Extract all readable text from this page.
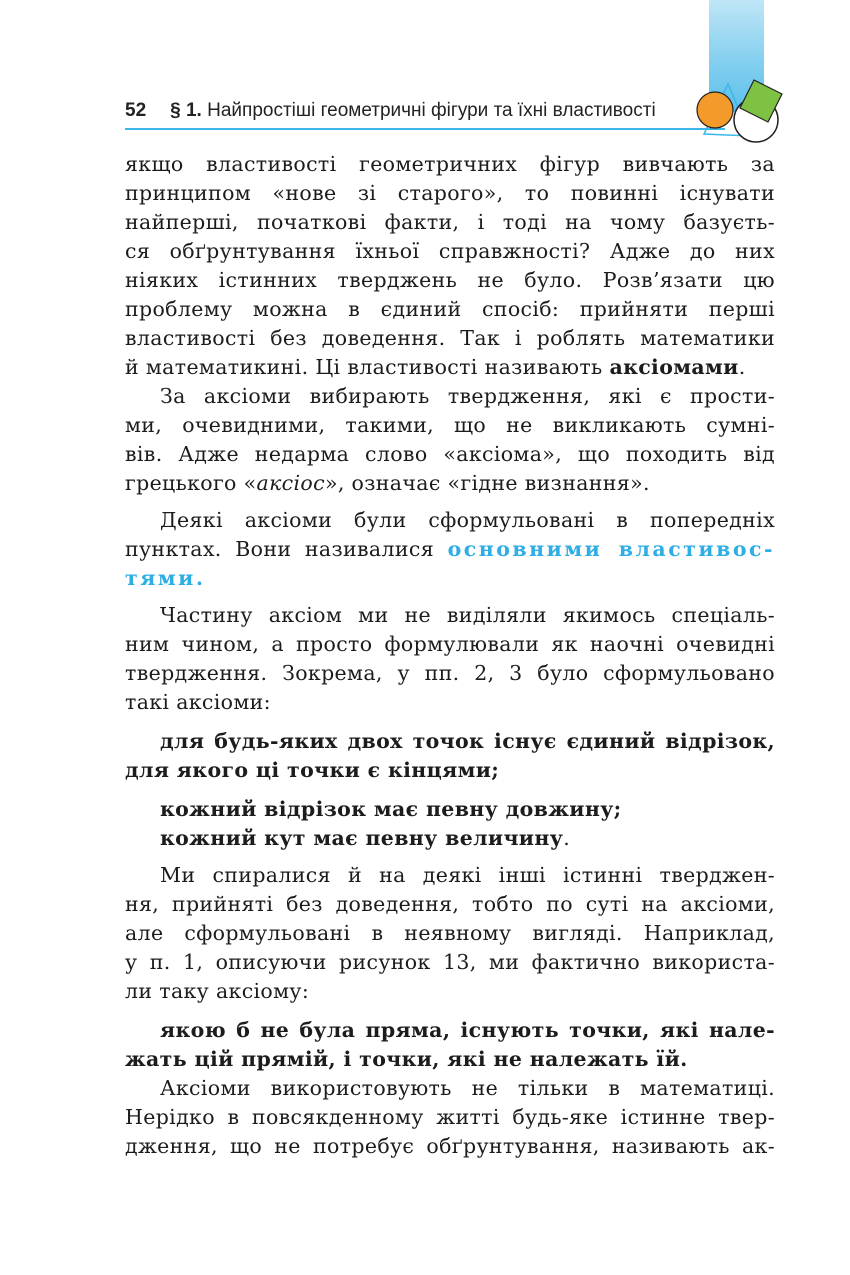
52 § 1. Найпростіші геометричні фігури та їхні властивості

якщо властивості геометричних фігур вивчають за
принципом «нове зі старого», то повинні існувати
найперші, початкові факти, і тоді на чому базуєть-
ся обґрунтування їхньої справжності? Адже до них
ніяких істинних тверджень не було. Розв’язати цю
проблему можна в єдиний спосіб: прийняти перші
властивості без доведення. Так і роблять математики
й математикині. Ці властивості називають аксіомами.

За аксіоми вибирають твердження, які є прости-
ми, очевидними, такими, що не викликають сумні-
вів. Адже недарма слово «аксіома», що походить від
грецького «аксіос», означає «гідне визнання».

Деякі аксіоми були сформульовані в попередніх
пунктах. Вони називалися основними властивос-
тями.

Частину аксіом ми не виділяли якимось спеціаль-
ним чином, а просто формулювали як наочні очевидні
твердження. Зокрема, у пп. 2, 3 було сформульовано
такі аксіоми:

для будь-яких двох точок існує єдиний відрізок,
для якого ці точки є кінцями;

кожний відрізок має певну довжину;

кожний кут має певну величину.

Ми спиралися й на деякі інші істинні тверджен-
ня, прийняті без доведення, тобто по суті на аксіоми,
але сформульовані в неявному вигляді. Наприклад,
у п. 1, описуючи рисунок 13, ми фактично використа-
ли таку аксіому:

якою б не була пряма, існують точки, які нале-
жать цій прямій, і точки, які не належать їй.

Аксіоми використовують не тільки в математиці.
Нерідко в повсякденному житті будь-яке істинне твер-
дження, що не потребує обґрунтування, називають ак-
